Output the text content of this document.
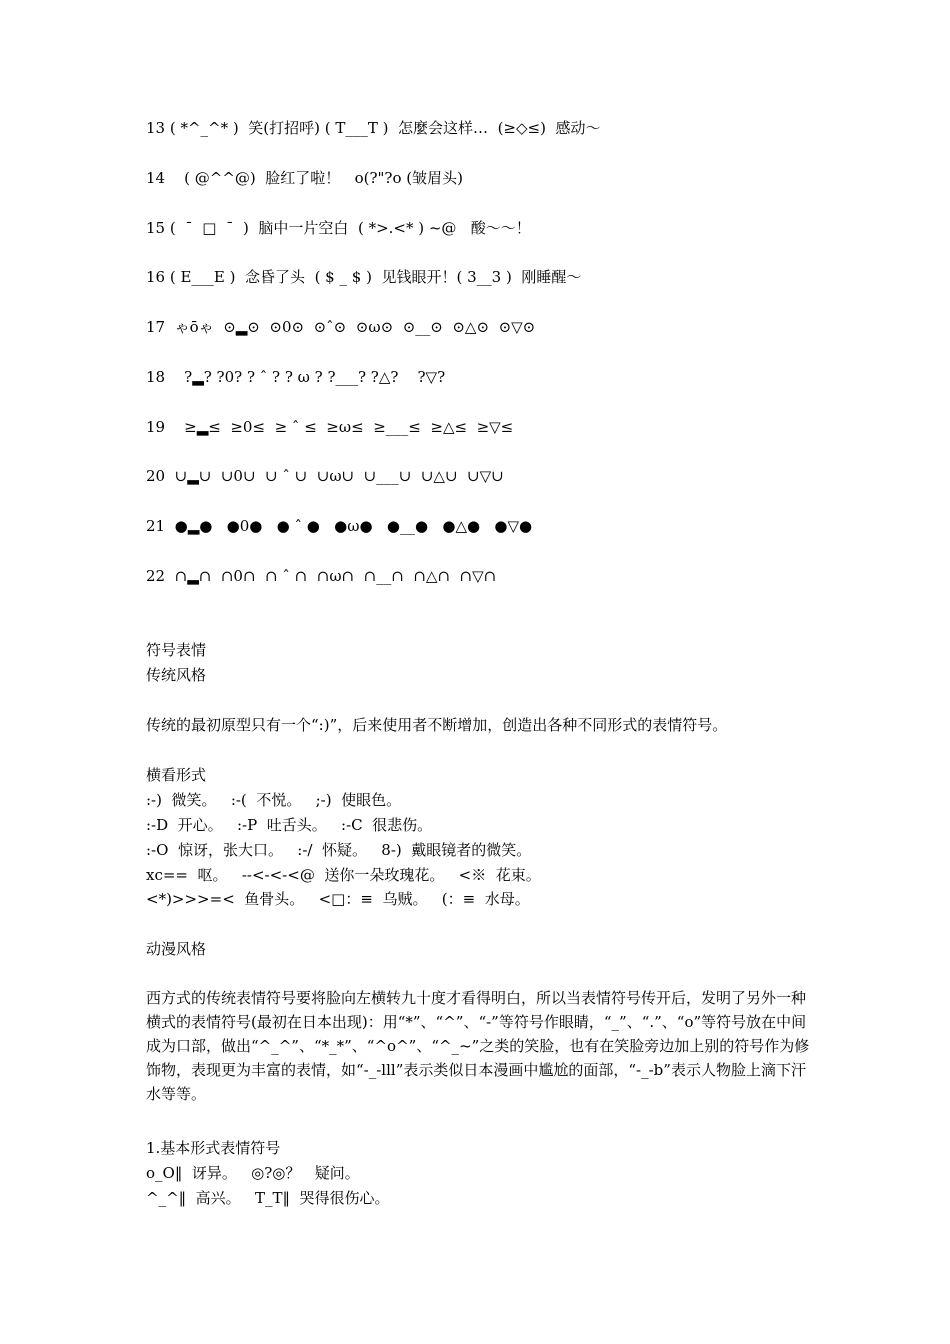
13 ( *^_^* )  笑(打招呼) ( T___T )  怎麼会这样…  (≥◇≤)  感动～
14    ( @^^@)  脸红了啦！   o(?"?o (皱眉头)
15 (  ¯  □  ¯  )  脑中一片空白  ( *>.<* ) ~@   酸～～！
16 ( E___E )  念昏了头  ( $ _ $ )  见钱眼开！( 3__3 )  刚睡醒～
17  ゃōゃ  ⊙▂⊙  ⊙0⊙  ⊙ˆ⊙  ⊙ω⊙  ⊙__⊙  ⊙△⊙  ⊙▽⊙
18    ?▂? ?0? ? ˆ ? ? ω ? ?___? ?△?    ?▽?
19    ≥▂≤  ≥0≤  ≥ ˆ ≤  ≥ω≤  ≥___≤  ≥△≤  ≥▽≤
20  ∪▂∪  ∪0∪  ∪ ˆ ∪  ∪ω∪  ∪___∪  ∪△∪  ∪▽∪
21  ●▂●   ●0●   ● ˆ ●   ●ω●   ●__●   ●△●   ●▽●
22  ∩▂∩  ∩0∩  ∩ ˆ ∩  ∩ω∩  ∩__∩  ∩△∩  ∩▽∩
符号表情
传统风格
传统的最初原型只有一个“:)”，后来使用者不断增加，创造出各种不同形式的表情符号。
横看形式
:-)  微笑。   :-(  不悦。   ;-)  使眼色。
:-D  开心。   :-P  吐舌头。   :-C  很悲伤。
:-O  惊讶，张大口。   :-/  怀疑。   8-)  戴眼镜者的微笑。
xc==  呕。   --<-<-<@  送你一朵玫瑰花。   <※  花束。
<*)>>>=<  鱼骨头。   <□：≡  乌贼。   (：≡  水母。
动漫风格
西方式的传统表情符号要将脸向左横转九十度才看得明白，所以当表情符号传开后，发明了另外一种横式的表情符号(最初在日本出现)：用“*”、“^”、“-”等符号作眼睛，“_”、“.”、“o”等符号放在中间成为口部，做出“^_^”、“*_*”、“^o^”、“^_~”之类的笑脸，也有在笑脸旁边加上别的符号作为修饰物，表现更为丰富的表情，如“-_-lll”表示类似日本漫画中尴尬的面部，“-_-b”表示人物脸上滴下汗水等等。
1.基本形式表情符号
o_O‖  讶异。   ◎?◎？   疑问。
^_^‖  高兴。   T_T‖  哭得很伤心。
